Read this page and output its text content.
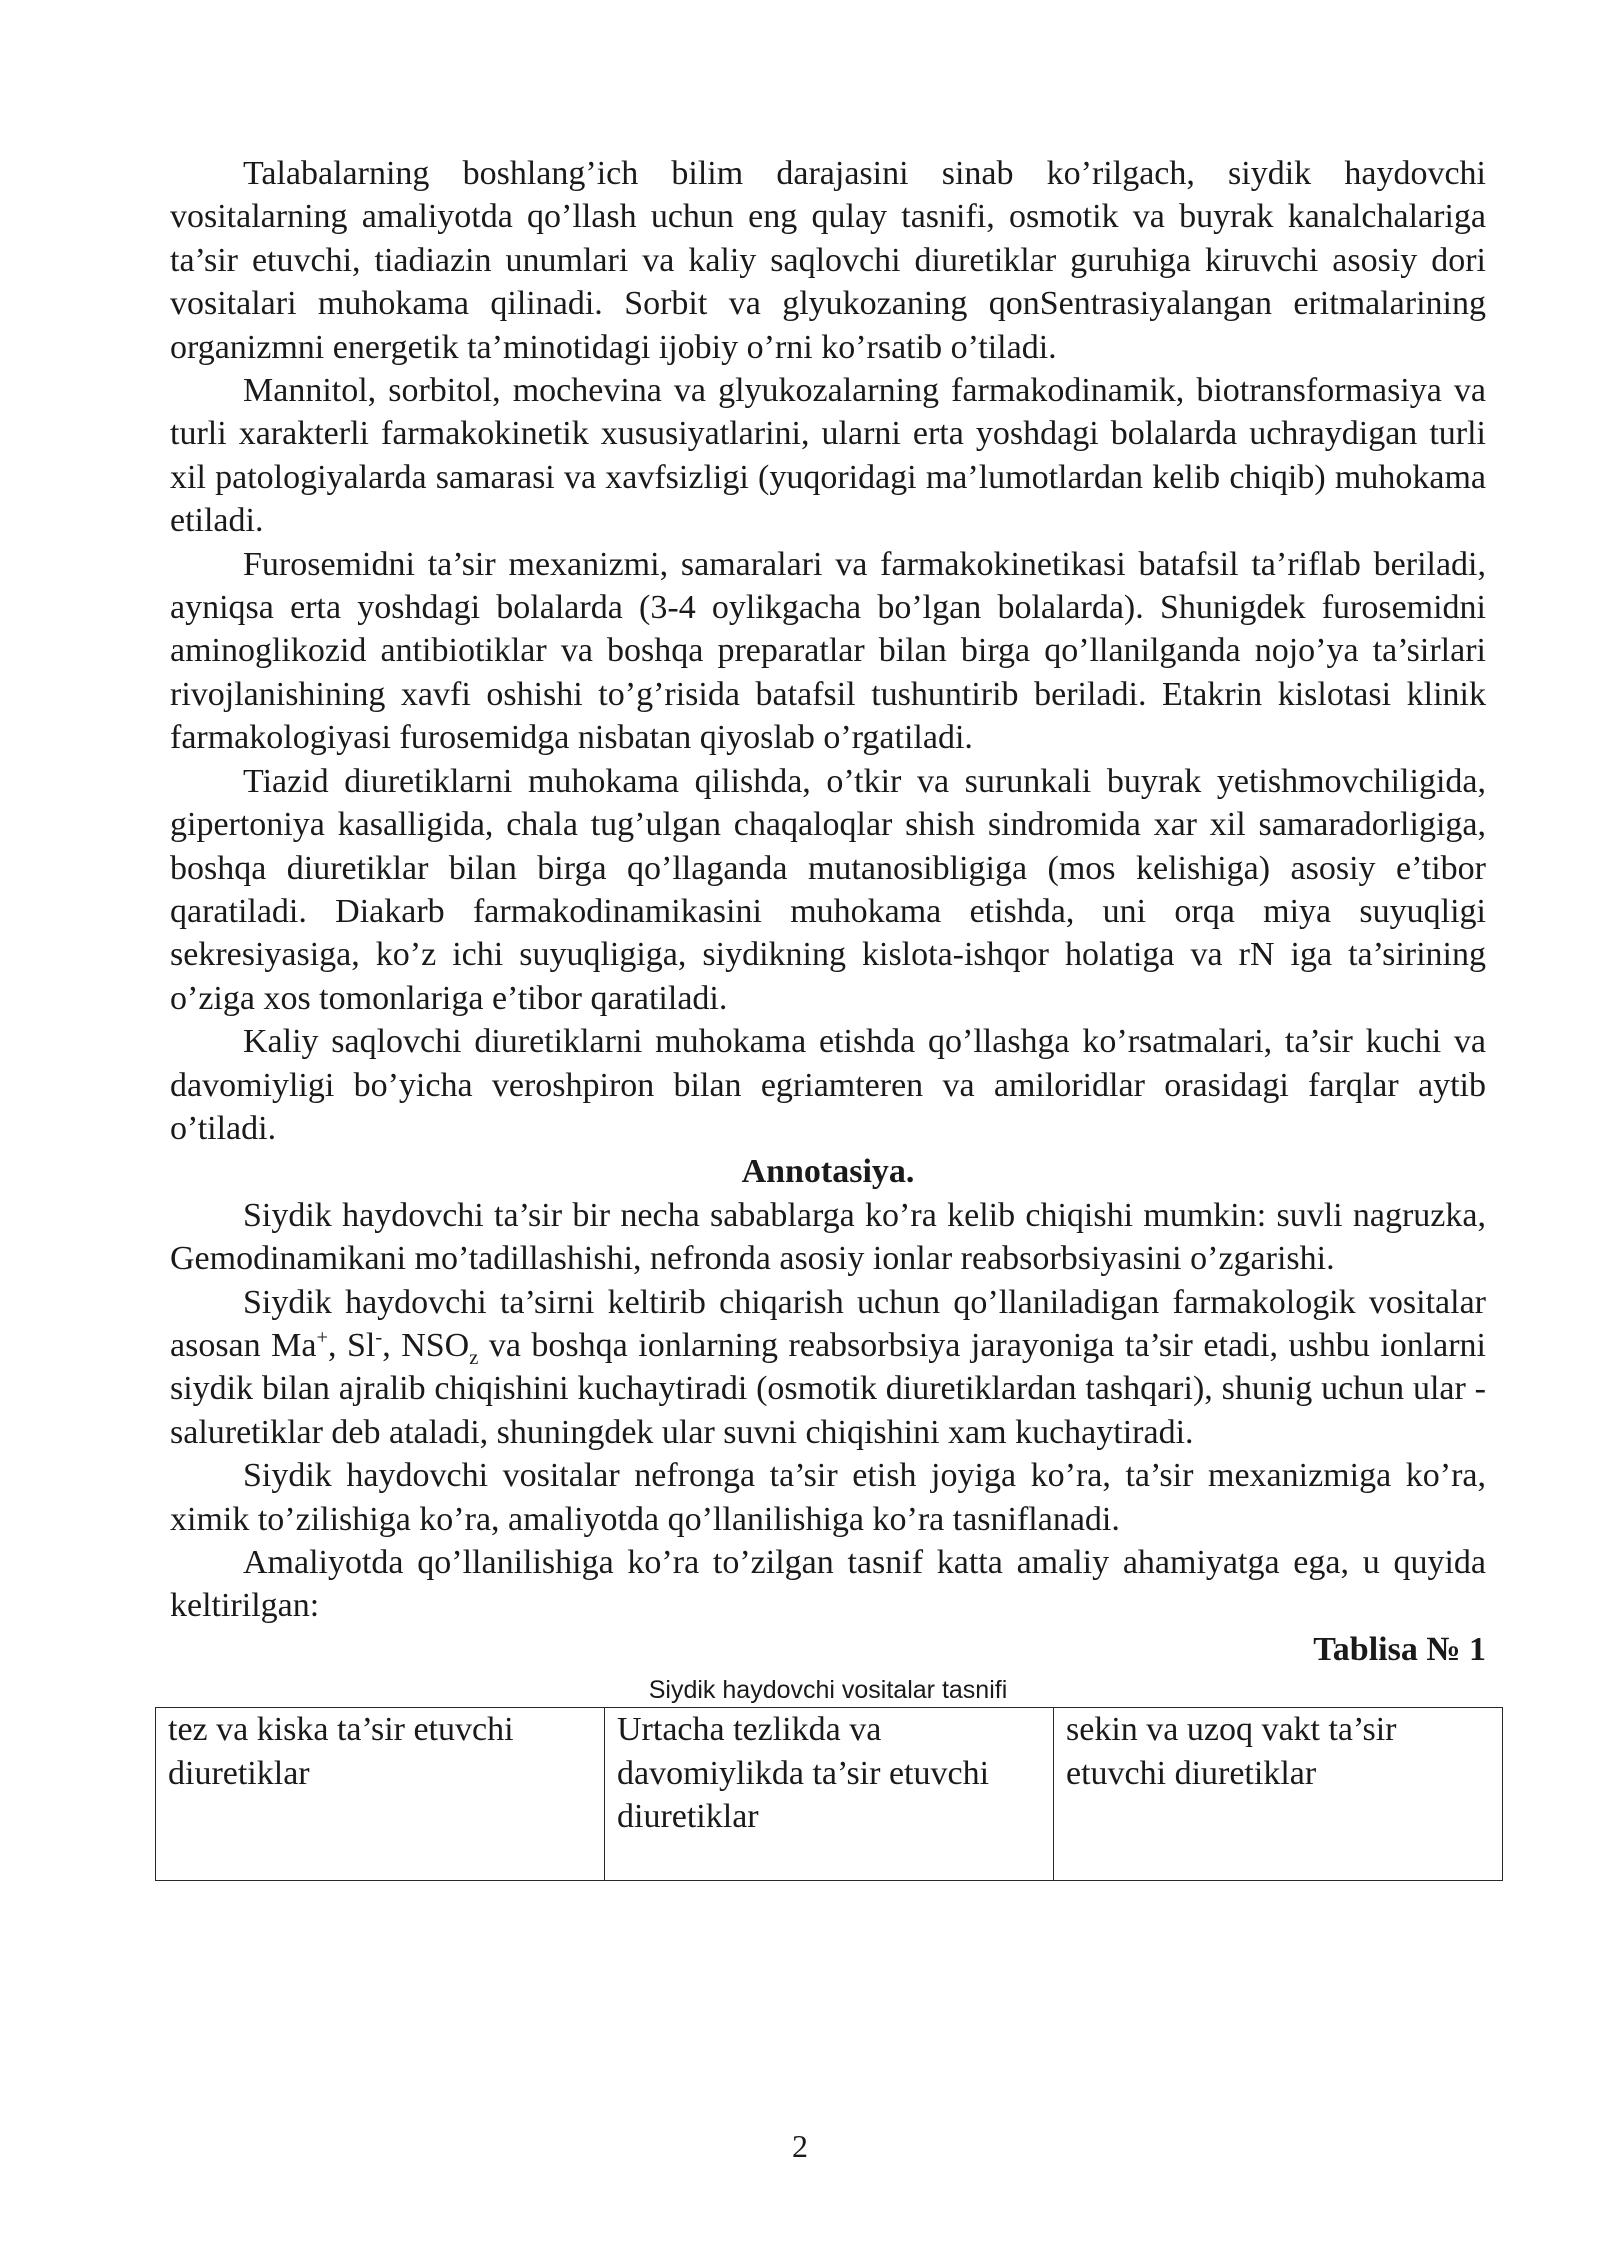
Talabalarning boshlang’ich bilim darajasini sinab ko’rilgach, siydik haydovchi vositalarning amaliyotda qo’llash uchun eng qulay tasnifi, osmotik va buyrak kanalchalariga ta’sir etuvchi, tiadiazin unumlari va kaliy saqlovchi diuretiklar guruhiga kiruvchi asosiy dori vositalari muhokama qilinadi. Sorbit va glyukozaning qonSentrasiyalangan eritmalarining organizmni energetik ta’minotidagi ijobiy o’rni ko’rsatib o’tiladi.

Mannitol, sorbitol, mochevina va glyukozalarning farmakodinamik, biotransformasiya va turli xarakterli farmakokinetik xususiyatlarini, ularni erta yoshdagi bolalarda uchraydigan turli xil patologiyalarda samarasi va xavfsizligi (yuqoridagi ma’lumotlardan kelib chiqib) muhokama etiladi.

Furosemidni ta’sir mexanizmi, samaralari va farmakokinetikasi batafsil ta’riflab beriladi, ayniqsa erta yoshdagi bolalarda (3-4 oylikgacha bo’lgan bolalarda). Shunigdek furosemidni aminoglikozid antibiotiklar va boshqa preparatlar bilan birga qo’llanilganda nojo’ya ta’sirlari rivojlanishining xavfi oshishi to’g’risida batafsil tushuntirib beriladi. Etakrin kislotasi klinik farmakologiyasi furosemidga nisbatan qiyoslab o’rgatiladi.

Tiazid diuretiklarni muhokama qilishda, o’tkir va surunkali buyrak yetishmovchiligida, gipertoniya kasalligida, chala tug’ulgan chaqaloqlar shish sindromida xar xil samaradorligiga, boshqa diuretiklar bilan birga qo’llaganda mutanosibligiga (mos kelishiga) asosiy e’tibor qaratiladi. Diakarb farmakodinamikasini muhokama etishda, uni orqa miya suyuqligi sekresiyasiga, ko’z ichi suyuqligiga, siydikning kislota-ishqor holatiga va rN iga ta’sirining o’ziga xos tomonlariga e’tibor qaratiladi.

Kaliy saqlovchi diuretiklarni muhokama etishda qo’llashga ko’rsatmalari, ta’sir kuchi va davomiyligi bo’yicha veroshpiron bilan egriamteren va amiloridlar orasidagi farqlar aytib o’tiladi.

Annotasiya.

Siydik haydovchi ta’sir bir necha sabablarga ko’ra kelib chiqishi mumkin: suvli nagruzka, Gemodinamikani mo’tadillashishi, nefronda asosiy ionlar reabsorbsiyasini o’zgarishi.

Siydik haydovchi ta’sirni keltirib chiqarish uchun qo’llaniladigan farmakologik vositalar asosan Ma+, Sl-, $NSO_z$ va boshqa ionlarning reabsorbsiya jarayoniga ta’sir etadi, ushbu ionlarni siydik bilan ajralib chiqishini kuchaytiradi (osmotik diuretiklardan tashqari), shunig uchun ular -saluretiklar deb ataladi, shuningdek ular suvni chiqishini xam kuchaytiradi.

Siydik haydovchi vositalar nefronga ta’sir etish joyiga ko’ra, ta’sir mexanizmiga ko’ra, ximik to’zilishiga ko’ra, amaliyotda qo’llanilishiga ko’ra tasniflanadi.

Amaliyotda qo’llanilishiga ko’ra to’zilgan tasnif katta amaliy ahamiyatga ega, u quyida keltirilgan:

Tablisa № 1
Siydik haydovchi vositalar tasnifi
tez va kiska ta’sir etuvchi diuretiklar	Urtacha tezlikda va davomiylikda ta’sir etuvchi diuretiklar	sekin va uzoq vakt ta’sir etuvchi diuretiklar
2
